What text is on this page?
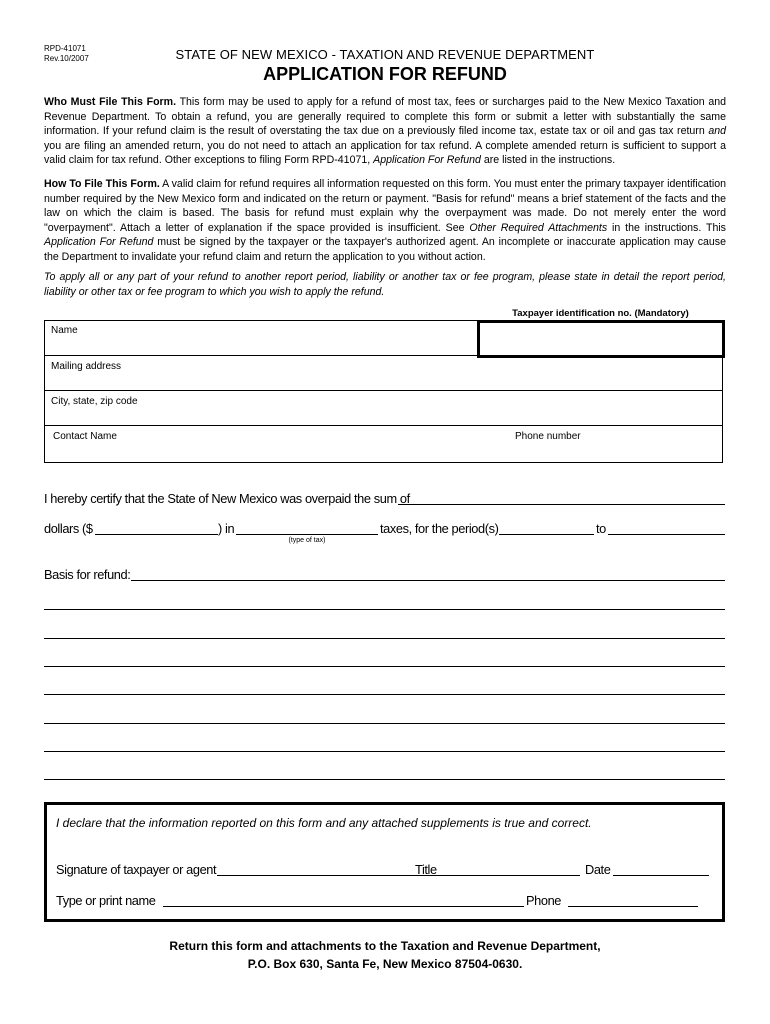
RPD-41071
Rev.10/2007	STATE OF NEW MEXICO - TAXATION AND REVENUE DEPARTMENT
APPLICATION FOR REFUND
Who Must File This Form. This form may be used to apply for a refund of most tax, fees or surcharges paid to the New Mexico Taxation and Revenue Department. To obtain a refund, you are generally required to complete this form or submit a letter with substantially the same information. If your refund claim is the result of overstating the tax due on a previously filed income tax, estate tax or oil and gas tax return and you are filing an amended return, you do not need to attach an application for tax refund. A complete amended return is sufficient to support a valid claim for tax refund. Other exceptions to filing Form RPD-41071, Application For Refund are listed in the instructions.
How To File This Form. A valid claim for refund requires all information requested on this form. You must enter the primary taxpayer identification number required by the New Mexico form and indicated on the return or payment. "Basis for refund" means a brief statement of the facts and the law on which the claim is based. The basis for refund must explain why the overpayment was made. Do not merely enter the word "overpayment". Attach a letter of explanation if the space provided is insufficient. See Other Required Attachments in the instructions. This Application For Refund must be signed by the taxpayer or the taxpayer's authorized agent. An incomplete or inaccurate application may cause the Department to invalidate your refund claim and return the application to you without action.
To apply all or any part of your refund to another report period, liability or another tax or fee program, please state in detail the report period, liability or other tax or fee program to which you wish to apply the refund.
Taxpayer identification no. (Mandatory)
Name
Mailing address
City, state, zip code
Contact Name	Phone number
I hereby certify that the State of New Mexico was overpaid the sum of
dollars ($	) in
(type of tax)
taxes, for the period(s)	to
Basis for refund:
I declare that the information reported on this form and any attached supplements is true and correct.
Signature of taxpayer or agent	Title	Date
Type or print name	Phone
Return this form and attachments to the Taxation and Revenue Department,
P.O. Box 630, Santa Fe, New Mexico 87504-0630.
